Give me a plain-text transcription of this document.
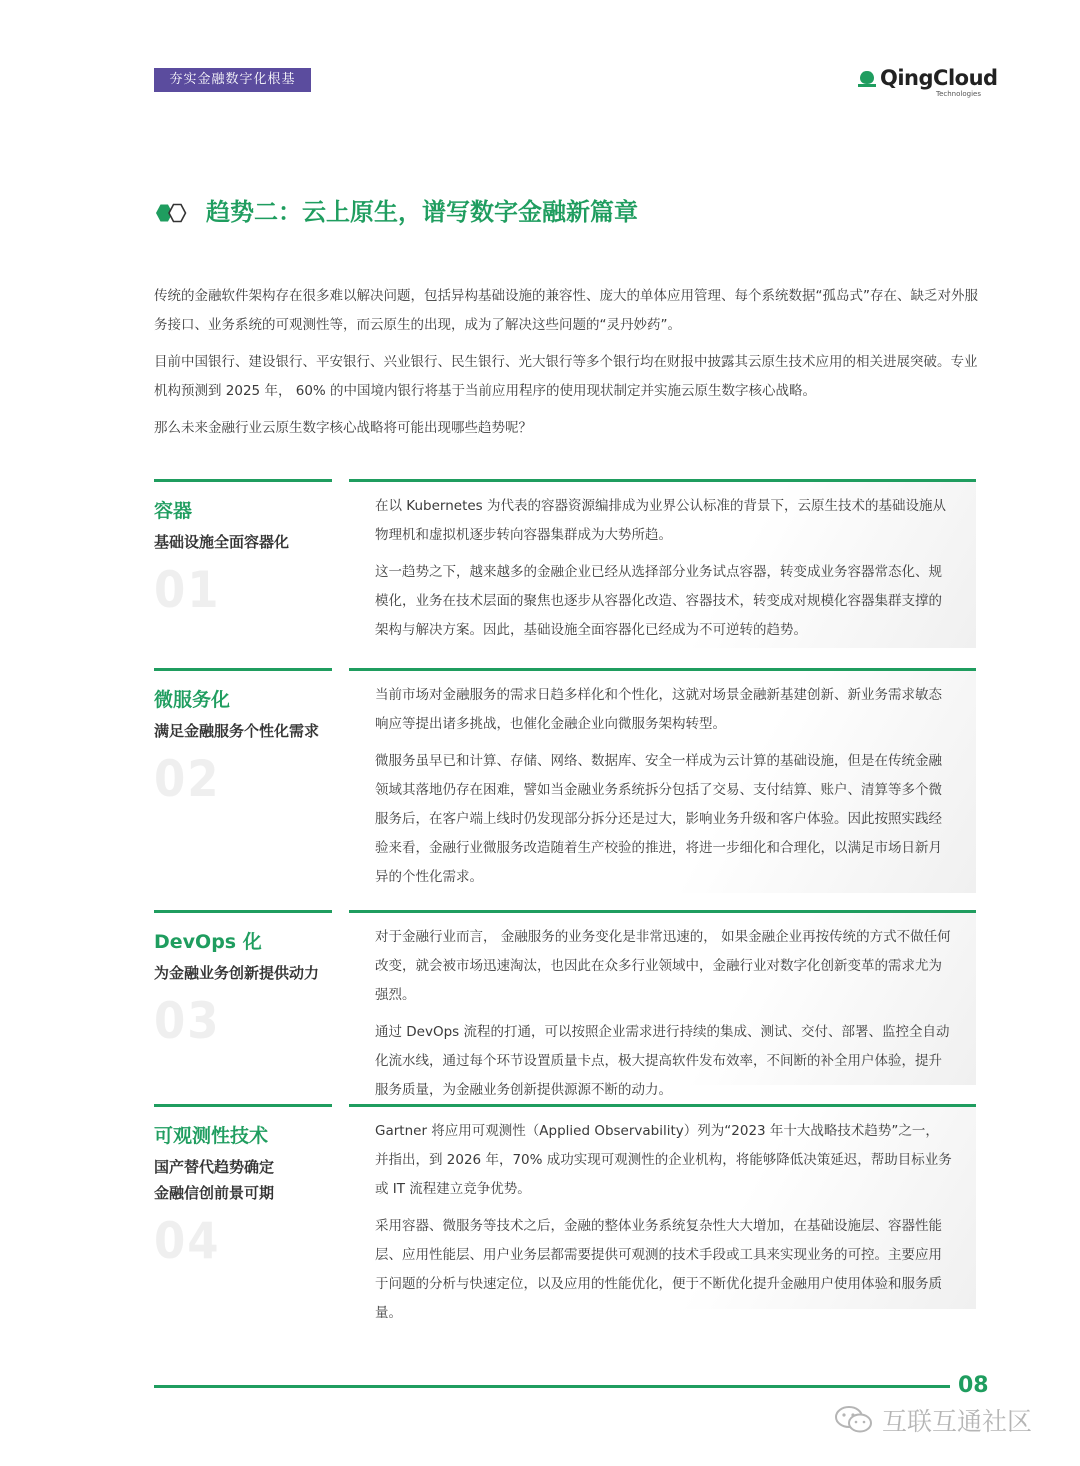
夯实金融数字化根基	QingCloud
Technologies
趋势二：云上原生，谱写数字金融新篇章

传统的金融软件架构存在很多难以解决问题，包括异构基础设施的兼容性、庞大的单体应用管理、每个系统数据“孤岛式”存在、缺乏对外服务接口、业务系统的可观测性等，而云原生的出现，成为了解决这些问题的“灵丹妙药”。

目前中国银行、建设银行、平安银行、兴业银行、民生银行、光大银行等多个银行均在财报中披露其云原生技术应用的相关进展突破。专业机构预测到 2025 年， 60% 的中国境内银行将基于当前应用程序的使用现状制定并实施云原生数字核心战略。

那么未来金融行业云原生数字核心战略将可能出现哪些趋势呢？

容器
基础设施全面容器化
01

在以 Kubernetes 为代表的容器资源编排成为业界公认标准的背景下，云原生技术的基础设施从物理机和虚拟机逐步转向容器集群成为大势所趋。

这一趋势之下，越来越多的金融企业已经从选择部分业务试点容器，转变成业务容器常态化、规模化，业务在技术层面的聚焦也逐步从容器化改造、容器技术，转变成对规模化容器集群支撑的架构与解决方案。因此，基础设施全面容器化已经成为不可逆转的趋势。

微服务化
满足金融服务个性化需求
02

当前市场对金融服务的需求日趋多样化和个性化，这就对场景金融新基建创新、新业务需求敏态响应等提出诸多挑战，也催化金融企业向微服务架构转型。

微服务虽早已和计算、存储、网络、数据库、安全一样成为云计算的基础设施，但是在传统金融领域其落地仍存在困难，譬如当金融业务系统拆分包括了交易、支付结算、账户、清算等多个微服务后，在客户端上线时仍发现部分拆分还是过大，影响业务升级和客户体验。因此按照实践经验来看，金融行业微服务改造随着生产校验的推进，将进一步细化和合理化，以满足市场日新月异的个性化需求。

DevOps 化
为金融业务创新提供动力
03

对于金融行业而言， 金融服务的业务变化是非常迅速的， 如果金融企业再按传统的方式不做任何改变，就会被市场迅速淘汰，也因此在众多行业领域中，金融行业对数字化创新变革的需求尤为强烈。

通过 DevOps 流程的打通，可以按照企业需求进行持续的集成、测试、交付、部署、监控全自动化流水线，通过每个环节设置质量卡点，极大提高软件发布效率，不间断的补全用户体验，提升服务质量，为金融业务创新提供源源不断的动力。

可观测性技术
国产替代趋势确定
金融信创前景可期
04

Gartner 将应用可观测性（Applied Observability）列为“2023 年十大战略技术趋势”之一， 并指出，到 2026 年，70% 成功实现可观测性的企业机构，将能够降低决策延迟，帮助目标业务或 IT 流程建立竞争优势。

采用容器、微服务等技术之后，金融的整体业务系统复杂性大大增加，在基础设施层、容器性能层、应用性能层、用户业务层都需要提供可观测的技术手段或工具来实现业务的可控。主要应用于问题的分析与快速定位，以及应用的性能优化，便于不断优化提升金融用户使用体验和服务质量。

08
互联互通社区
